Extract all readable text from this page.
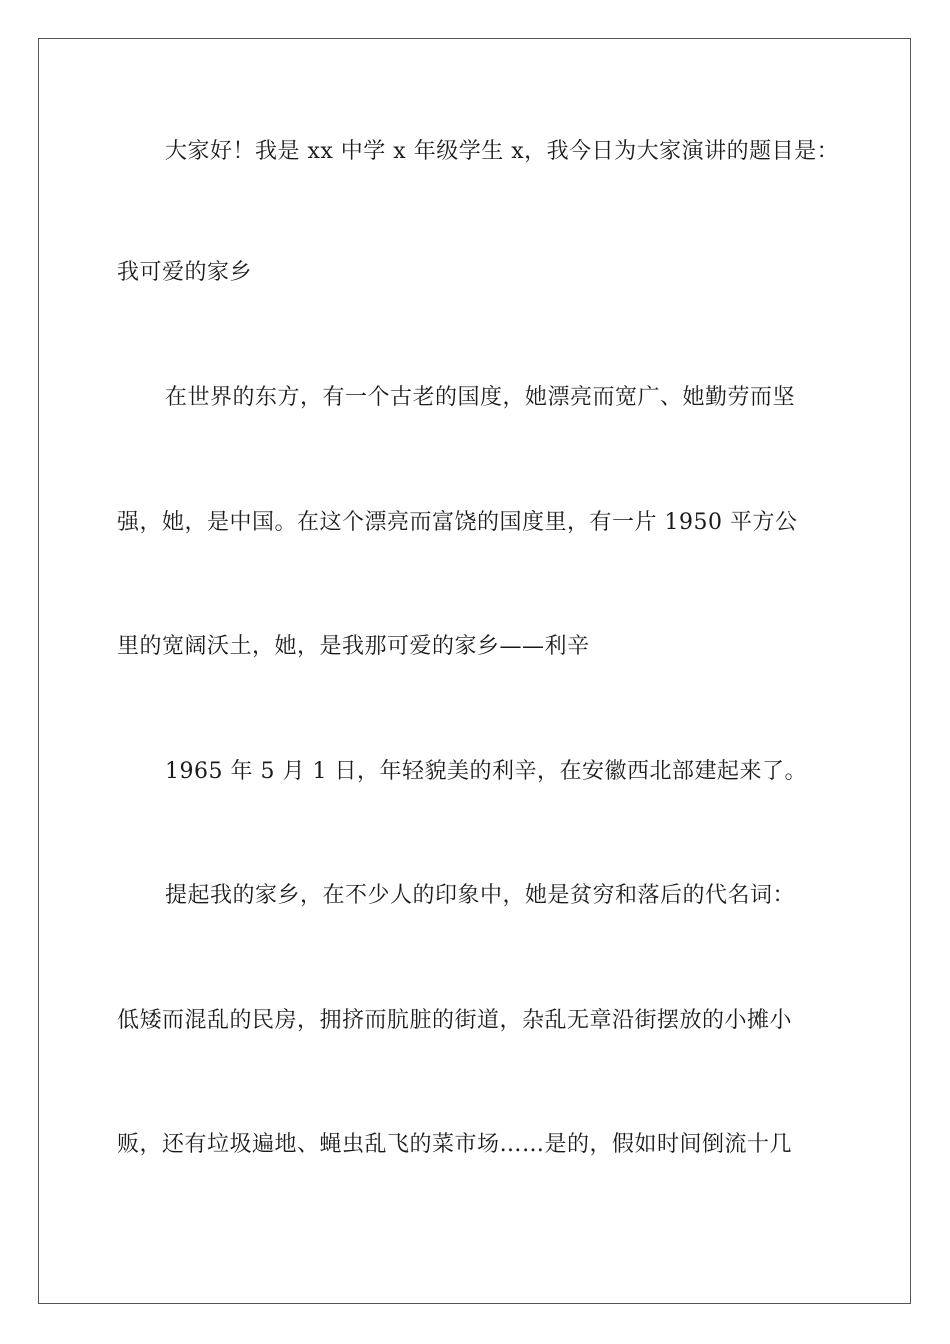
大家好！我是 xx 中学 x 年级学生 x，我今日为大家演讲的题目是：
我可爱的家乡
在世界的东方，有一个古老的国度，她漂亮而宽广、她勤劳而坚
强，她，是中国。在这个漂亮而富饶的国度里，有一片 1950 平方公
里的宽阔沃土，她，是我那可爱的家乡——利辛
1965 年 5 月 1 日，年轻貌美的利辛，在安徽西北部建起来了。
提起我的家乡，在不少人的印象中，她是贫穷和落后的代名词：
低矮而混乱的民房，拥挤而肮脏的街道，杂乱无章沿街摆放的小摊小
贩，还有垃圾遍地、蝇虫乱飞的菜市场……是的，假如时间倒流十几
